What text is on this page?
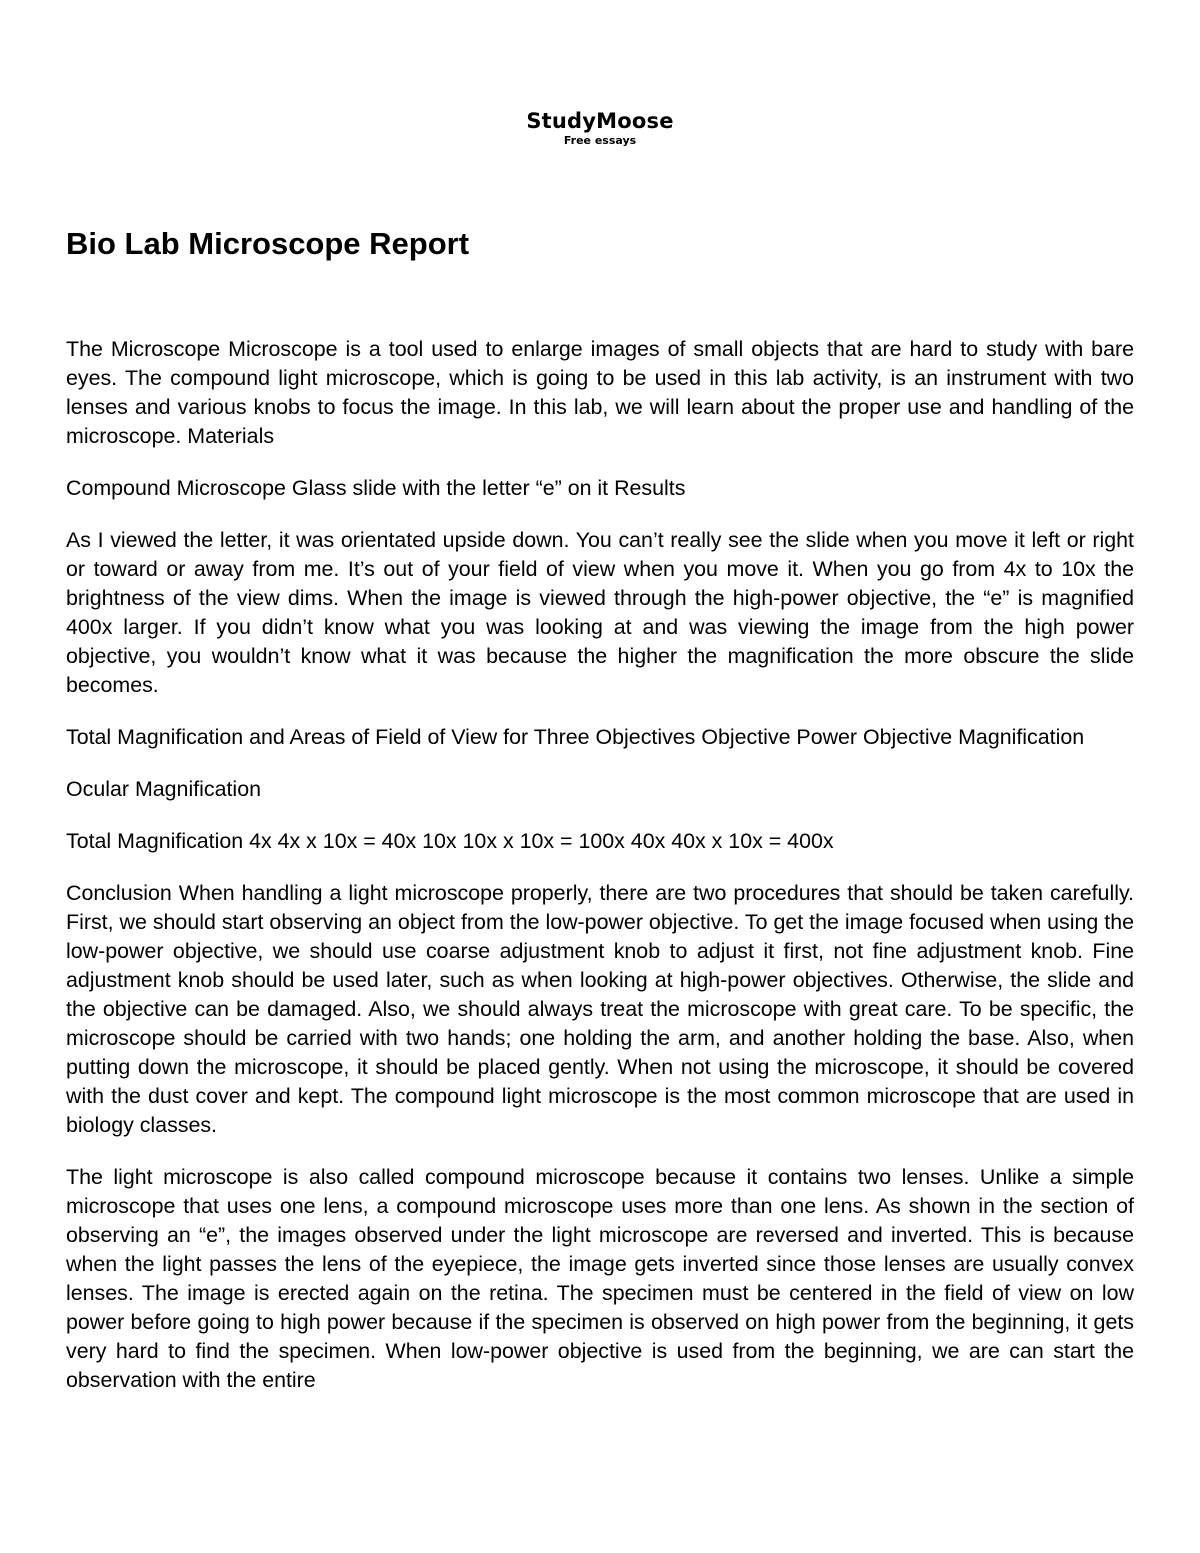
StudyMoose
Free essays
Bio Lab Microscope Report

The Microscope Microscope is a tool used to enlarge images of small objects that are hard to study with bare eyes. The compound light microscope, which is going to be used in this lab activity, is an instrument with two lenses and various knobs to focus the image. In this lab, we will learn about the proper use and handling of the microscope. Materials

Compound Microscope Glass slide with the letter “e” on it Results

As I viewed the letter, it was orientated upside down. You can’t really see the slide when you move it left or right or toward or away from me. It’s out of your field of view when you move it. When you go from 4x to 10x the brightness of the view dims. When the image is viewed through the high-power objective, the “e” is magnified 400x larger. If you didn’t know what you was looking at and was viewing the image from the high power objective, you wouldn’t know what it was because the higher the magnification the more obscure the slide becomes.

Total Magnification and Areas of Field of View for Three Objectives Objective Power Objective Magnification

Ocular Magnification

Total Magnification 4x 4x x 10x = 40x 10x 10x x 10x = 100x 40x 40x x 10x = 400x

Conclusion When handling a light microscope properly, there are two procedures that should be taken carefully. First, we should start observing an object from the low-power objective. To get the image focused when using the low-power objective, we should use coarse adjustment knob to adjust it first, not fine adjustment knob. Fine adjustment knob should be used later, such as when looking at high-power objectives. Otherwise, the slide and the objective can be damaged. Also, we should always treat the microscope with great care. To be specific, the microscope should be carried with two hands; one holding the arm, and another holding the base. Also, when putting down the microscope, it should be placed gently. When not using the microscope, it should be covered with the dust cover and kept. The compound light microscope is the most common microscope that are used in biology classes.

The light microscope is also called compound microscope because it contains two lenses. Unlike a simple microscope that uses one lens, a compound microscope uses more than one lens. As shown in the section of observing an “e”, the images observed under the light microscope are reversed and inverted. This is because when the light passes the lens of the eyepiece, the image gets inverted since those lenses are usually convex lenses. The image is erected again on the retina. The specimen must be centered in the field of view on low power before going to high power because if the specimen is observed on high power from the beginning, it gets very hard to find the specimen. When low-power objective is used from the beginning, we are can start the observation with the entire
